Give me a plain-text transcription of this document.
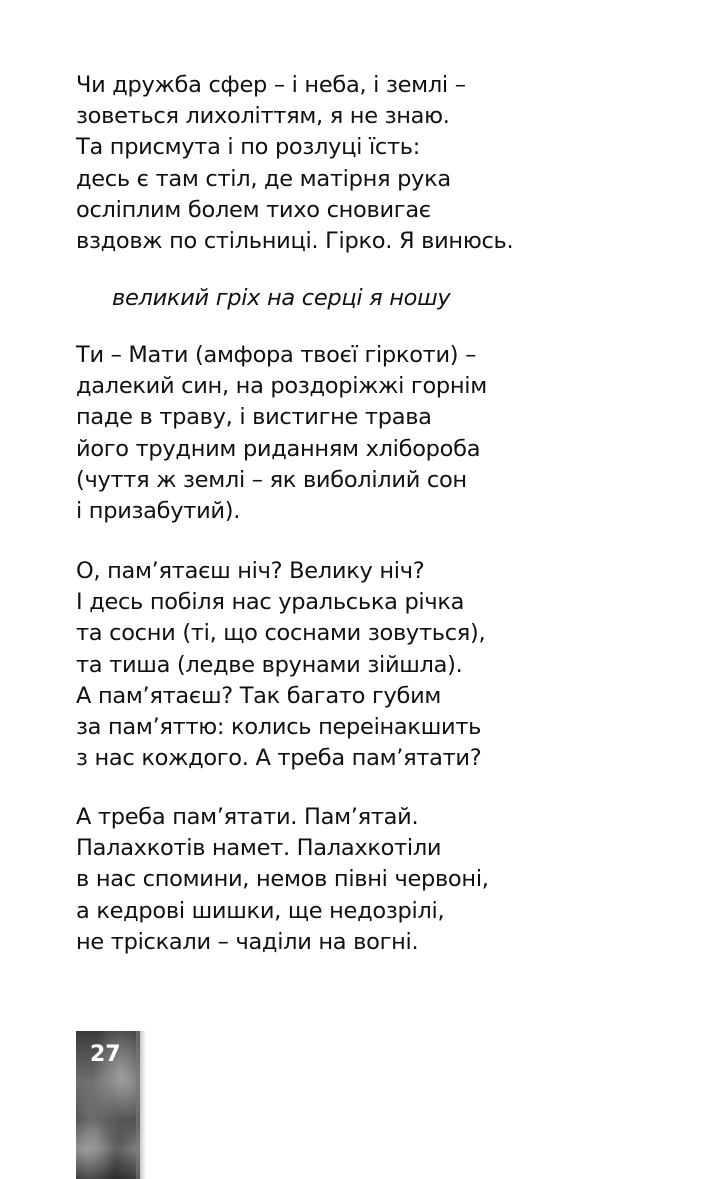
Чи дружба сфер – і неба, і землі –
зоветься лихоліттям, я не знаю.
Та присмута і по розлуці їсть:
десь є там стіл, де матірня рука
осліплим болем тихо сновигає
вздовж по стільниці. Гірко. Я винюсь.

великий гріх на серці я ношу

Ти – Мати (амфора твоєї гіркоти) –
далекий син, на роздоріжжі горнім
паде в траву, і вистигне трава
його трудним риданням хлібороба
(чуття ж землі – як виболілий сон
і призабутий).
О, пам’ятаєш ніч? Велику ніч?
І десь побіля нас уральська річка
та сосни (ті, що соснами зовуться),
та тиша (ледве врунами зійшла).
А пам’ятаєш? Так багато губим
за пам’яттю: колись переінакшить
з нас кождого. А треба пам’ятати?
А треба пам’ятати. Пам’ятай.
Палахкотів намет. Палахкотіли
в нас спомини, немов півні червоні,
а кедрові шишки, ще недозрілі,
не тріскали – чаділи на вогні.
27
